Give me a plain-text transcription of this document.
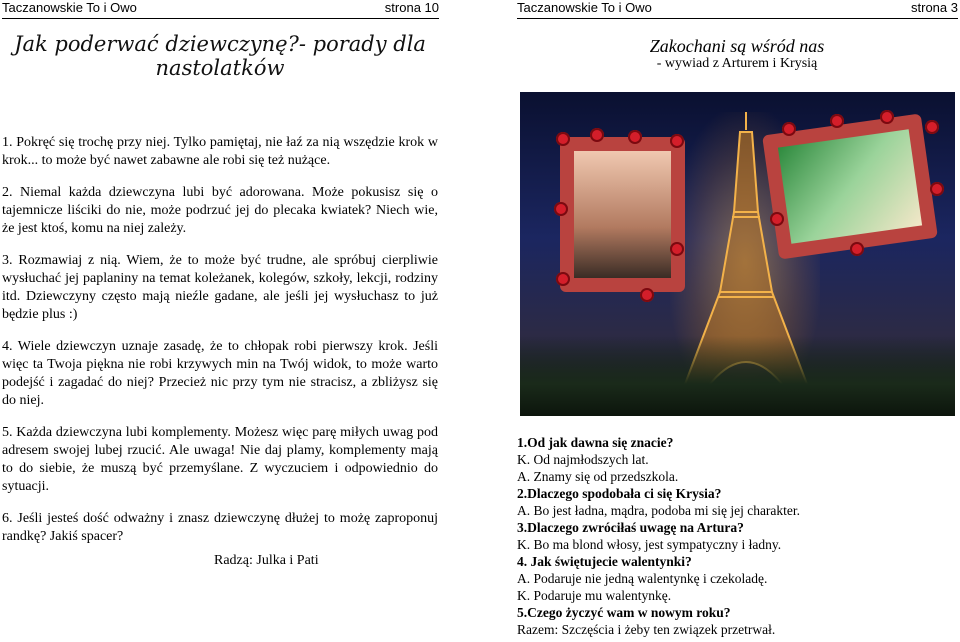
Taczanowskie To i Owo	strona 10	Taczanowskie To i Owo	strona 3
Jak poderwać dziewczynę?- porady dla nastolatków
Zakochani są wśród nas
- wywiad z Arturem i Krysią

1. Pokręć się trochę przy niej. Tylko pamiętaj, nie łaź za nią wszędzie krok w krok... to może być nawet zabawne ale robi się też nużące.

2. Niemal każda dziewczyna lubi być adorowana. Może pokusisz się o tajemnicze liściki do nie, może podrzuć jej do plecaka kwiatek? Niech wie, że jest ktoś, komu na niej zależy.

3. Rozmawiaj z nią. Wiem, że to może być trudne, ale spróbuj cierpliwie wysłuchać jej paplaniny na temat koleżanek, kolegów, szkoły, lekcji, rodziny itd. Dziewczyny często mają nieźle gadane, ale jeśli jej wysłuchasz to już będzie plus :)

4. Wiele dziewczyn uznaje zasadę, że to chłopak robi pierwszy krok. Jeśli więc ta Twoja piękna nie robi krzywych min na Twój widok, to może warto podejść i zagadać do niej? Przecież nic przy tym nie stracisz, a zbliżysz się do niej.

5. Każda dziewczyna lubi komplementy. Możesz więc parę miłych uwag pod adresem swojej lubej rzucić. Ale uwaga! Nie daj plamy, komplementy mają to do siebie, że muszą być przemyślane. Z wyczuciem i odpowiednio do sytuacji.

6. Jeśli jesteś dość odważny i znasz dziewczynę dłużej to możę zaproponuj randkę? Jakiś spacer?

Radzą: Julka i Pati
1.Od jak dawna się znacie?
K. Od najmłodszych lat.
A. Znamy się od przedszkola.
2.Dlaczego spodobała ci się Krysia?
A. Bo jest ładna, mądra, podoba mi się jej charakter.
3.Dlaczego zwróciłaś uwagę na Artura?
K. Bo ma blond włosy, jest sympatyczny i ładny.
4. Jak świętujecie walentynki?
A. Podaruje nie jedną walentynkę i czekoladę.
K. Podaruje mu walentynkę.
5.Czego życzyć wam w nowym roku?
Razem: Szczęścia i żeby ten związek przetrwał.
